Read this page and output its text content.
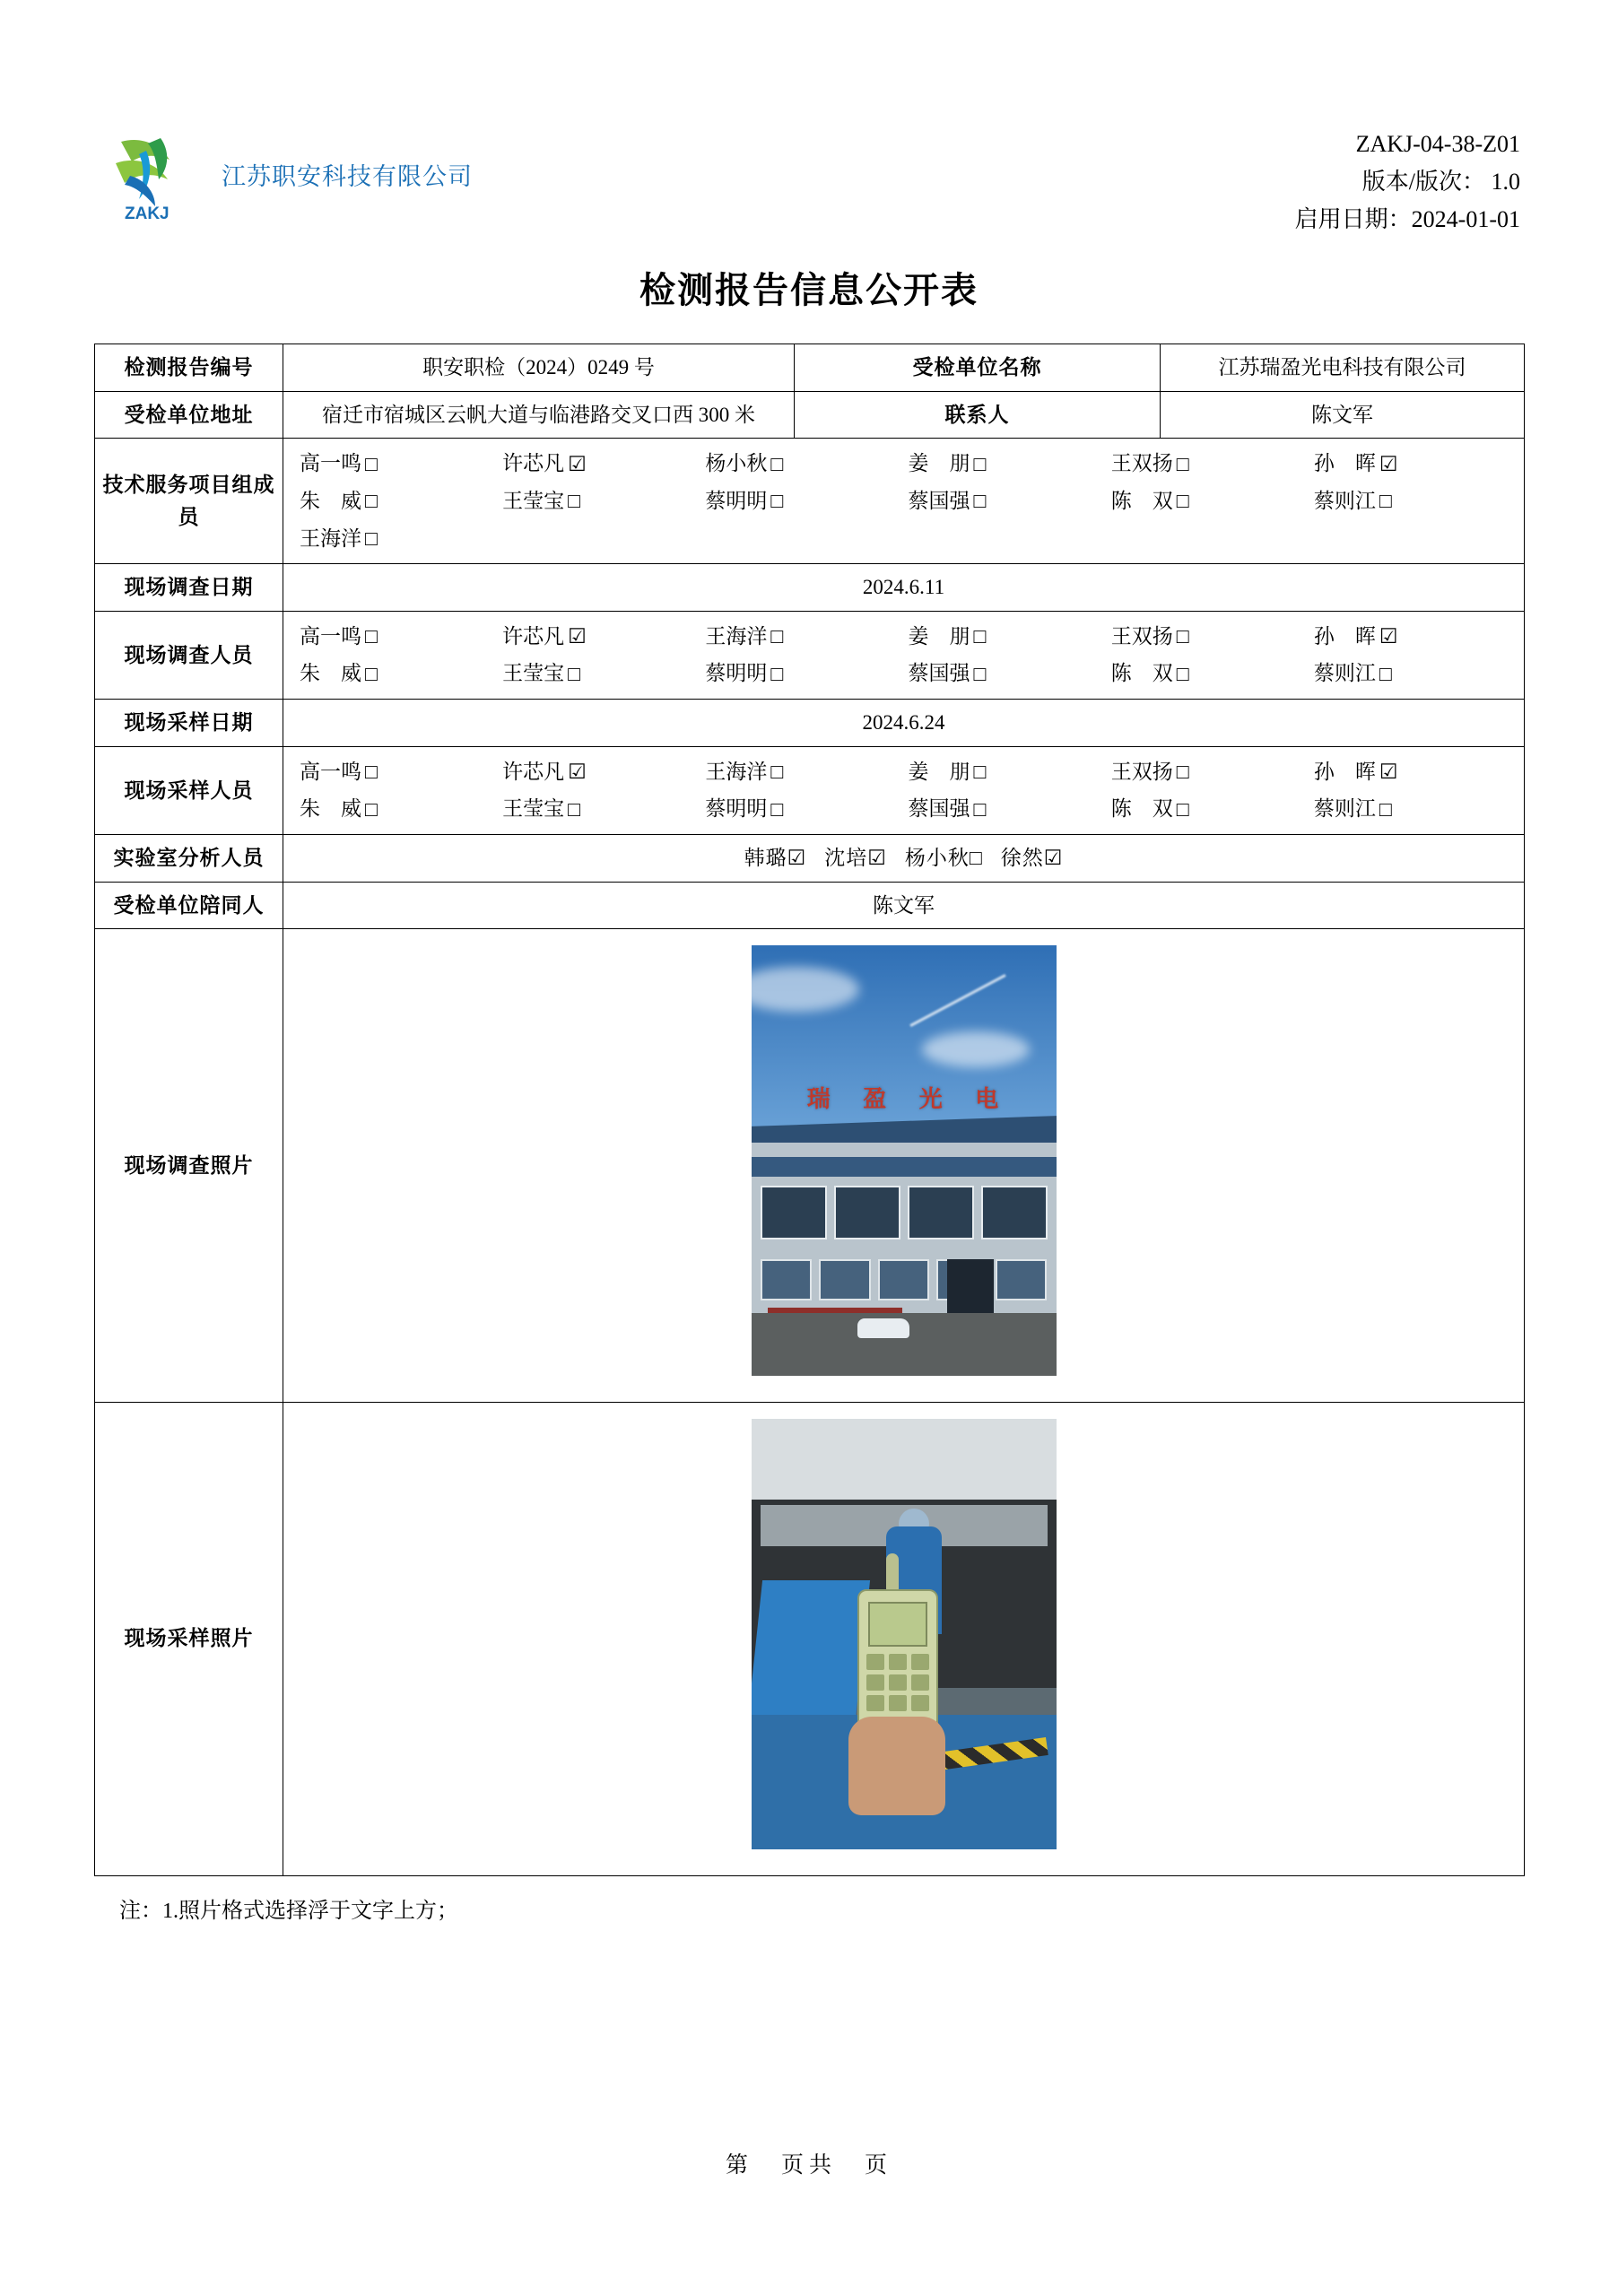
ZAKJ
江苏职安科技有限公司
ZAKJ-04-38-Z01
版本/版次： 1.0
启用日期：2024-01-01
检测报告信息公开表
检测报告编号	职安职检（2024）0249 号	受检单位名称	江苏瑞盈光电科技有限公司
受检单位地址	宿迁市宿城区云帆大道与临港路交叉口西 300 米	联系人	陈文军
技术服务项目组成员	
高一鸣 □	许芯凡 ☑	杨小秋 □	姜　朋 □	王双扬 □	孙　晖 ☑
朱　威 □	王莹宝 □	蔡明明 □	蔡国强 □	陈　双 □	蔡则江 □
王海洋 □

现场调查日期	2024.6.11		
现场调查人员	
高一鸣 □	许芯凡 ☑	王海洋 □	姜　朋 □	王双扬 □	孙　晖 ☑
朱　威 □	王莹宝 □	蔡明明 □	蔡国强 □	陈　双 □	蔡则江 □

现场采样日期	2024.6.24		
现场采样人员	
高一鸣 □	许芯凡 ☑	王海洋 □	姜　朋 □	王双扬 □	孙　晖 ☑
朱　威 □	王莹宝 □	蔡明明 □	蔡国强 □	陈　双 □	蔡则江 □

实验室分析人员	韩璐☑ 沈培☑ 杨小秋□ 徐然☑		
受检单位陪同人	陈文军		
现场调查照片	瑞 盈 光 电		

现场采样照片			
注：1.照片格式选择浮于文字上方；
第　页共　页
